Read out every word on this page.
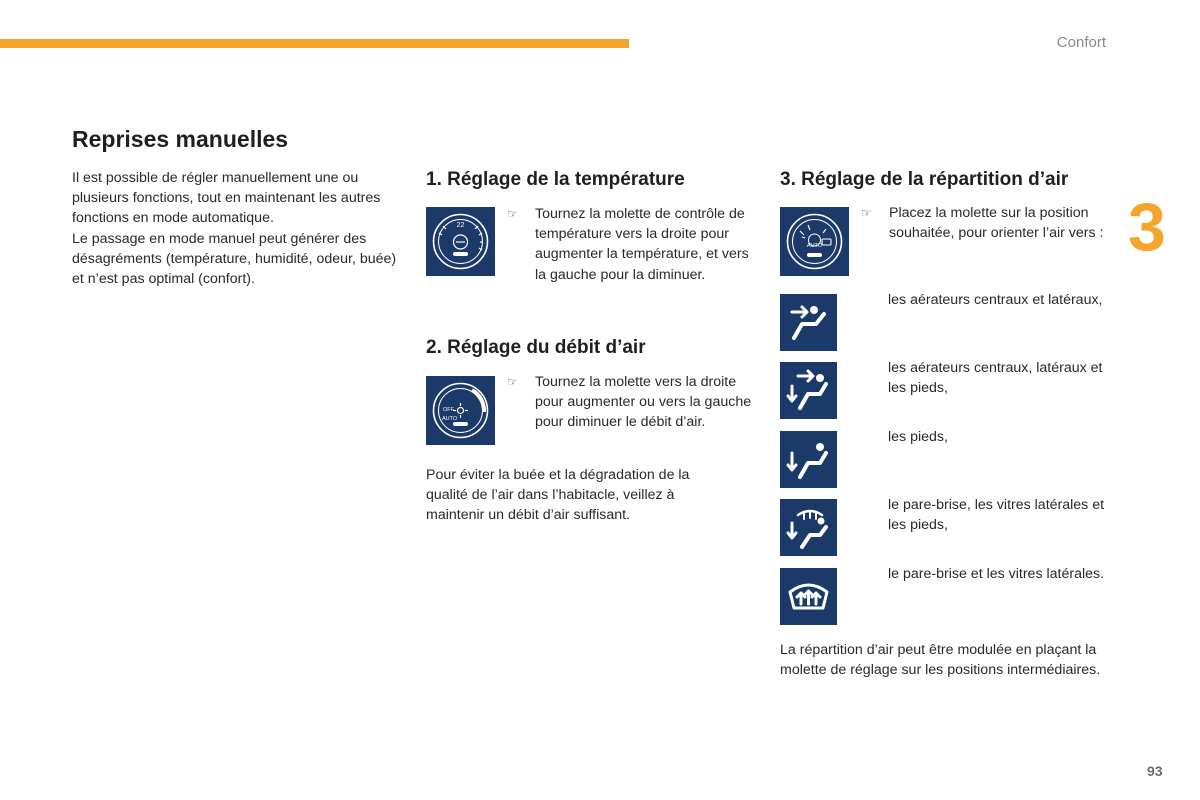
Confort
3
93
Reprises manuelles
Il est possible de régler manuellement une ou plusieurs fonctions, tout en maintenant les autres fonctions en mode automatique.
Le passage en mode manuel peut générer des désagréments (température, humidité, odeur, buée) et n’est pas optimal (confort).
1. Réglage de la température
22
☞	Tournez la molette de contrôle de température vers la droite pour augmenter la température, et vers la gauche pour la diminuer.
2. Réglage du débit d’air
OFF
AUTO
☞	Tournez la molette vers la droite pour augmenter ou vers la gauche pour diminuer le débit d’air.

Pour éviter la buée et la dégradation de la qualité de l’air dans l’habitacle, veillez à maintenir un débit d’air suffisant.

3. Réglage de la répartition d’air
AUTO
☞	Placez la molette sur la position souhaitée, pour orienter l’air vers :
les aérateurs centraux et latéraux,
les aérateurs centraux, latéraux et les pieds,
les pieds,
le pare-brise, les vitres latérales et les pieds,
le pare-brise et les vitres latérales.

La répartition d’air peut être modulée en plaçant la molette de réglage sur les positions intermédiaires.
